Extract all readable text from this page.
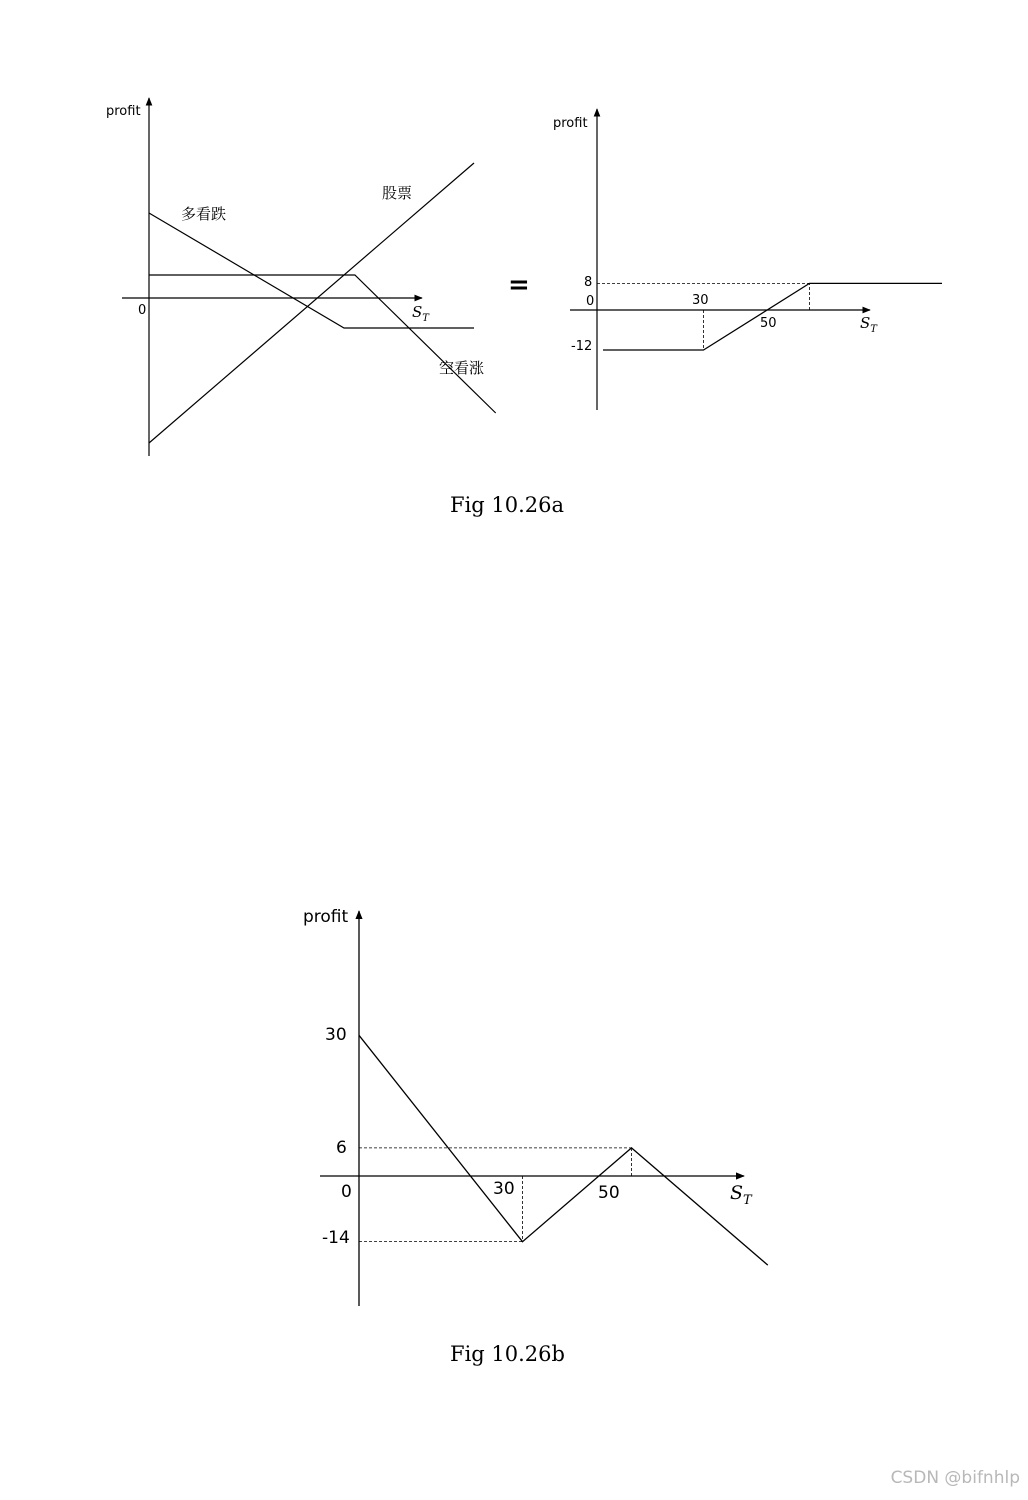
profit
0	$S_T$
多看跌
股票
空看涨
=
profit
0
$S_T$
30
50
8
-12
profit
0	$S_T$
30
6
-14
30	50
Fig 10.26a
Fig 10.26b
CSDN @bifnhlp
